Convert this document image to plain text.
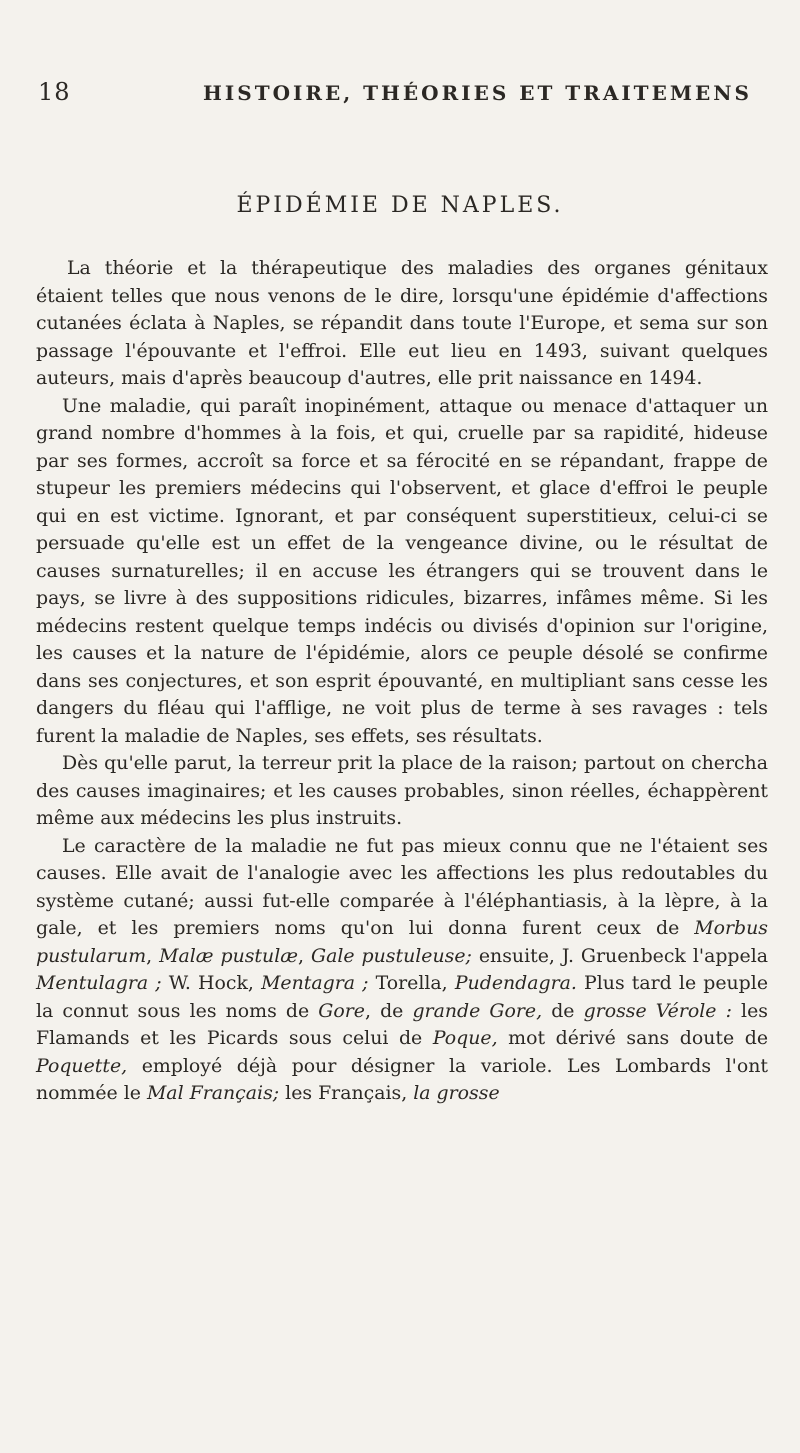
18	HISTOIRE, THÉORIES ET TRAITEMENS
ÉPIDÉMIE DE NAPLES.

La théorie et la thérapeutique des maladies des organes génitaux étaient telles que nous venons de le dire, lorsqu'une épidémie d'affections cutanées éclata à Naples, se répandit dans toute l'Europe, et sema sur son passage l'épouvante et l'effroi. Elle eut lieu en 1493, suivant quelques auteurs, mais d'après beaucoup d'autres, elle prit naissance en 1494.

Une maladie, qui paraît inopinément, attaque ou menace d'attaquer un grand nombre d'hommes à la fois, et qui, cruelle par sa rapidité, hideuse par ses formes, accroît sa force et sa férocité en se répandant, frappe de stupeur les premiers médecins qui l'observent, et glace d'effroi le peuple qui en est victime. Ignorant, et par conséquent superstitieux, celui-ci se persuade qu'elle est un effet de la vengeance divine, ou le résultat de causes surnaturelles; il en accuse les étrangers qui se trouvent dans le pays, se livre à des suppositions ridicules, bizarres, infâmes même. Si les médecins restent quelque temps indécis ou divisés d'opinion sur l'origine, les causes et la nature de l'épidémie, alors ce peuple désolé se confirme dans ses conjectures, et son esprit épouvanté, en multipliant sans cesse les dangers du fléau qui l'afflige, ne voit plus de terme à ses ravages : tels furent la maladie de Naples, ses effets, ses résultats.

Dès qu'elle parut, la terreur prit la place de la raison; partout on chercha des causes imaginaires; et les causes probables, sinon réelles, échappèrent même aux médecins les plus instruits.

Le caractère de la maladie ne fut pas mieux connu que ne l'étaient ses causes. Elle avait de l'analogie avec les affections les plus redoutables du système cutané; aussi fut-elle comparée à l'éléphantiasis, à la lèpre, à la gale, et les premiers noms qu'on lui donna furent ceux de Morbus pustularum, Malæ pustulæ, Gale pustuleuse; ensuite, J. Gruenbeck l'appela Mentulagra ; W. Hock, Mentagra ; Torella, Pudendagra. Plus tard le peuple la connut sous les noms de Gore, de grande Gore, de grosse Vérole : les Flamands et les Picards sous celui de Poque, mot dérivé sans doute de Poquette, employé déjà pour désigner la variole. Les Lombards l'ont nommée le Mal Français; les Français, la grosse
